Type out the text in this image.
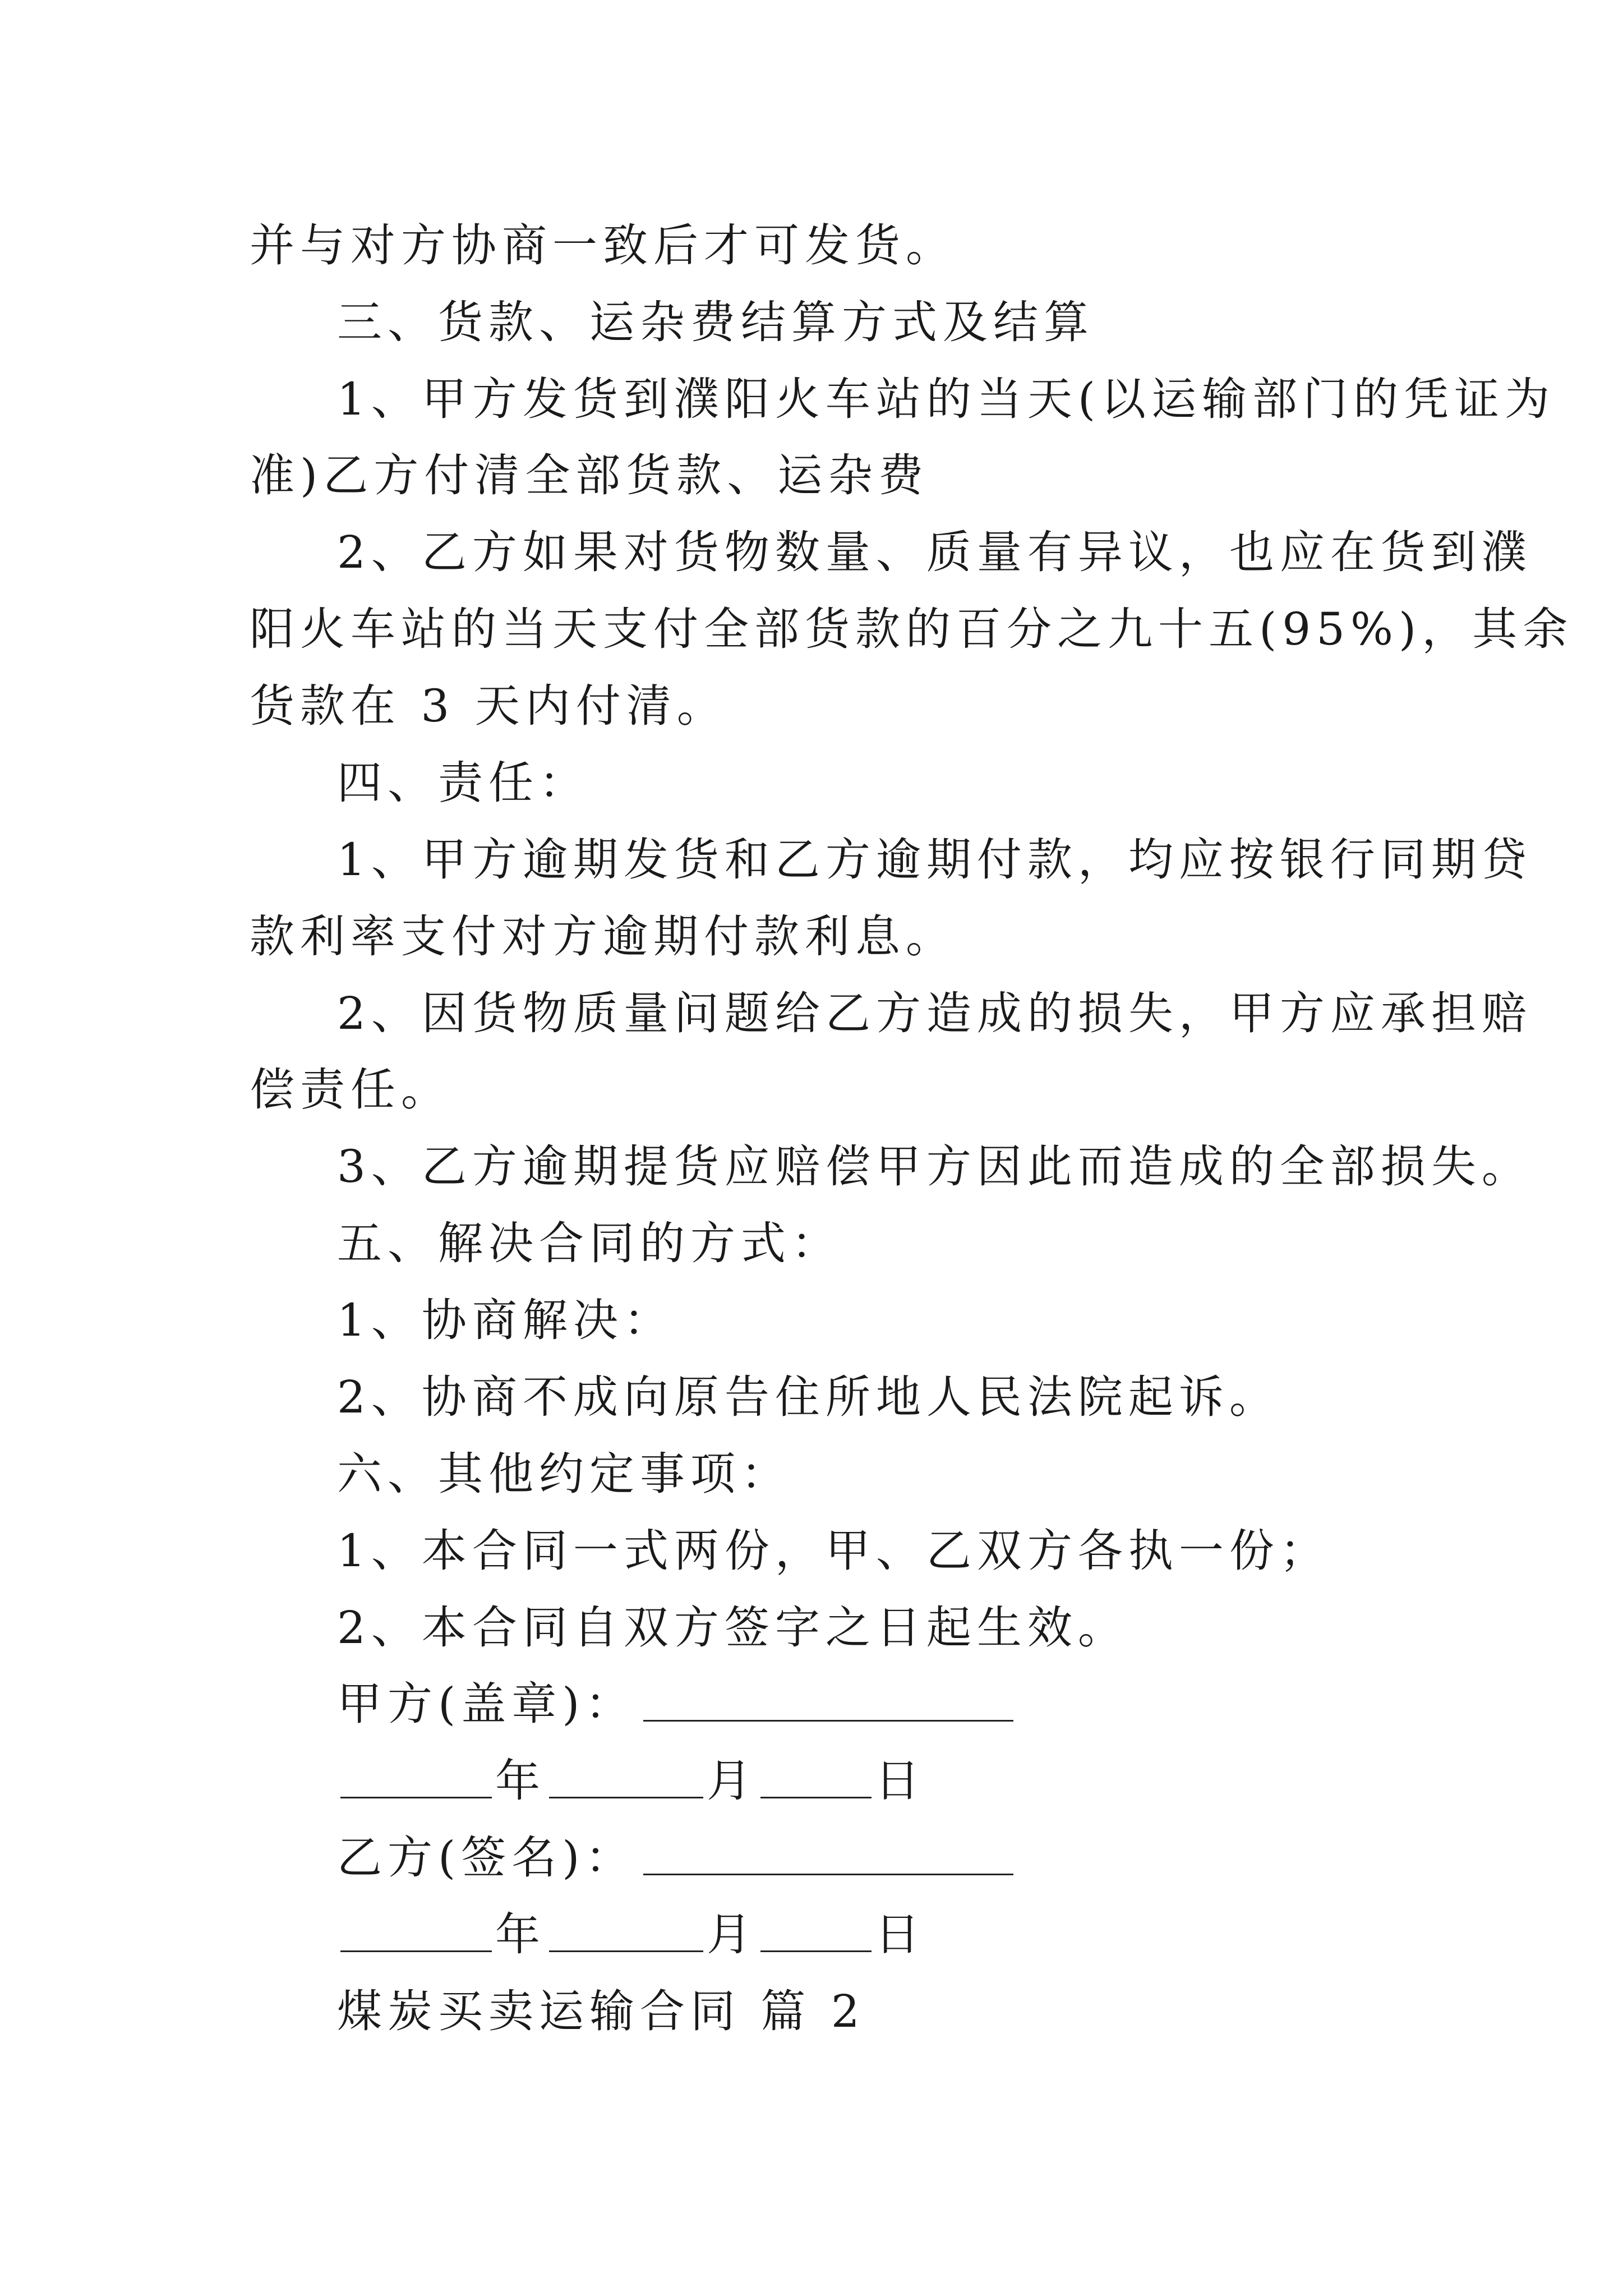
并与对方协商一致后才可发货。
三、货款、运杂费结算方式及结算
1、甲方发货到濮阳火车站的当天(以运输部门的凭证为
准)乙方付清全部货款、运杂费
2、乙方如果对货物数量、质量有异议，也应在货到濮
阳火车站的当天支付全部货款的百分之九十五(95%)，其余
货款在 3 天内付清。
四、责任：
1、甲方逾期发货和乙方逾期付款，均应按银行同期贷
款利率支付对方逾期付款利息。
2、因货物质量问题给乙方造成的损失，甲方应承担赔
偿责任。
3、乙方逾期提货应赔偿甲方因此而造成的全部损失。
五、解决合同的方式：
1、协商解决：
2、协商不成向原告住所地人民法院起诉。
六、其他约定事项：
1、本合同一式两份，甲、乙双方各执一份；
2、本合同自双方签字之日起生效。
甲方(盖章)：
年	月	日
乙方(签名)：
年	月	日
煤炭买卖运输合同 篇 2
